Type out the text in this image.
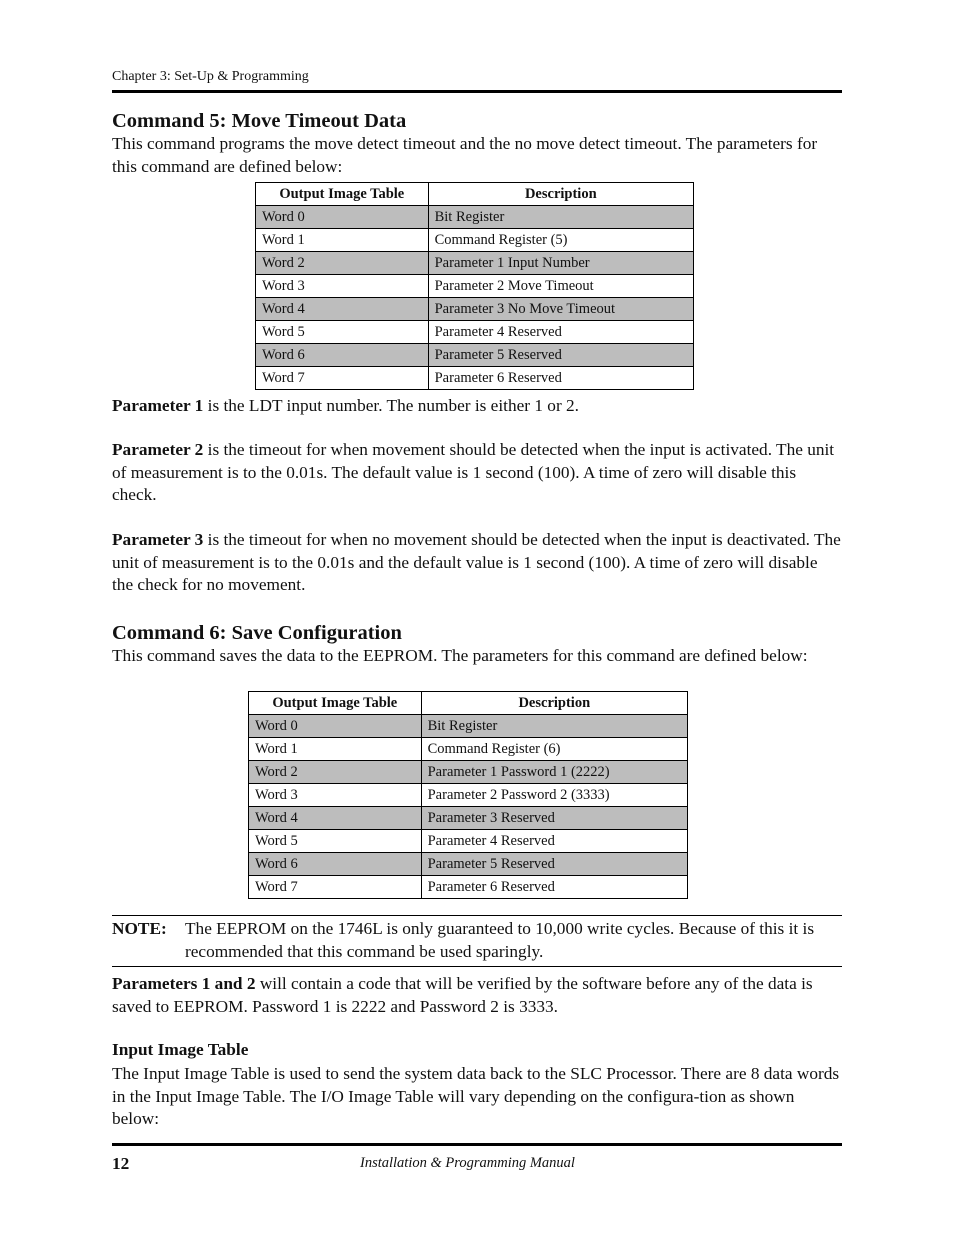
Chapter 3: Set-Up & Programming
Command 5: Move Timeout Data

This command programs the move detect timeout and the no move detect timeout. The parameters for this command are defined below:

Output Image Table	Description
Word 0	Bit Register
Word 1	Command Register (5)
Word 2	Parameter 1 Input Number
Word 3	Parameter 2 Move Timeout
Word 4	Parameter 3 No Move Timeout
Word 5	Parameter 4 Reserved
Word 6	Parameter 5 Reserved
Word 7	Parameter 6 Reserved

Parameter 1 is the LDT input number. The number is either 1 or 2.

Parameter 2 is the timeout for when movement should be detected when the input is activated. The unit of measurement is to the 0.01s. The default value is 1 second (100). A time of zero will disable this check.

Parameter 3 is the timeout for when no movement should be detected when the input is deactivated. The unit of measurement is to the 0.01s and the default value is 1 second (100). A time of zero will disable the check for no movement.

Command 6: Save Configuration

This command saves the data to the EEPROM. The parameters for this command are defined below:

Output Image Table	Description
Word 0	Bit Register
Word 1	Command Register (6)
Word 2	Parameter 1 Password 1 (2222)
Word 3	Parameter 2 Password 2 (3333)
Word 4	Parameter 3 Reserved
Word 5	Parameter 4 Reserved
Word 6	Parameter 5 Reserved
Word 7	Parameter 6 Reserved
NOTE: The EEPROM on the 1746L is only guaranteed to 10,000 write cycles. Because of this it is recommended that this command be used sparingly.

Parameters 1 and 2 will contain a code that will be verified by the software before any of the data is saved to EEPROM. Password 1 is 2222 and Password 2 is 3333.

Input Image Table

The Input Image Table is used to send the system data back to the SLC Processor. There are 8 data words in the Input Image Table. The I/O Image Table will vary depending on the configura-tion as shown below:

12	Installation & Programming Manual
